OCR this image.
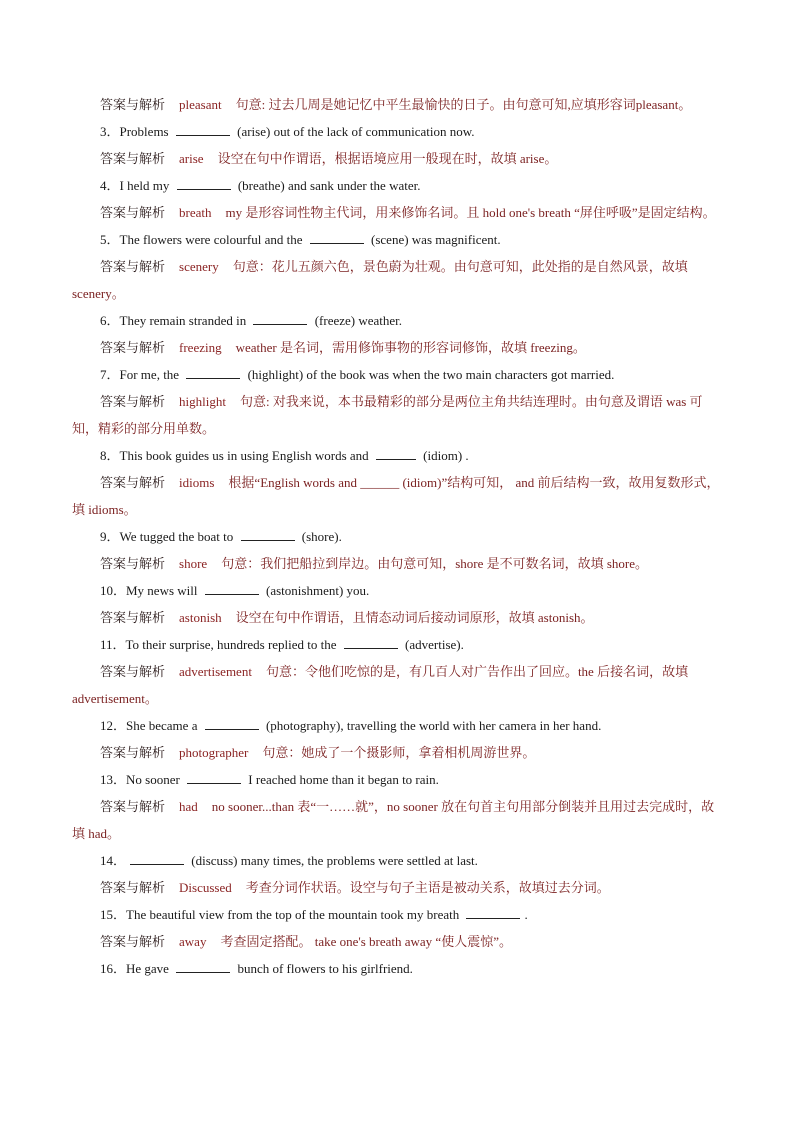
答案与解析 pleasant 句意: 过去几周是她记忆中平生最愉快的日子。由句意可知,应填形容词pleasant。
3．Problems	(arise) out of the lack of communication now.
答案与解析 arise 设空在句中作谓语，根据语境应用一般现在时，故填 arise。
4．I held my	(breathe) and sank under the water.
答案与解析 breath my 是形容词性物主代词，用来修饰名词。且 hold one's breath “屏住呼吸”是固定结构。
5．The flowers were colourful and the	(scene) was magnificent.
答案与解析 scenery 句意：花儿五颜六色，景色蔚为壮观。由句意可知，此处指的是自然风景，故填 scenery。
6．They remain stranded in	(freeze) weather.
答案与解析 freezing weather 是名词，需用修饰事物的形容词修饰，故填 freezing。
7．For me, the	(highlight) of the book was when the two main characters got married.
答案与解析 highlight 句意: 对我来说，本书最精彩的部分是两位主角共结连理时。由句意及谓语 was 可知，精彩的部分用单数。
8．This book guides us in using English words and	(idiom) .
答案与解析 idioms 根据“English words and ______ (idiom)”结构可知， and 前后结构一致，故用复数形式，填 idioms。
9．We tugged the boat to	(shore).
答案与解析 shore 句意：我们把船拉到岸边。由句意可知，shore 是不可数名词，故填 shore。
10．My news will	(astonishment) you.
答案与解析 astonish 设空在句中作谓语，且情态动词后接动词原形，故填 astonish。
11．To their surprise, hundreds replied to the	(advertise).
答案与解析 advertisement 句意：令他们吃惊的是，有几百人对广告作出了回应。the 后接名词，故填 advertisement。
12．She became a	(photography), travelling the world with her camera in her hand.
答案与解析 photographer 句意：她成了一个摄影师，拿着相机周游世界。
13．No sooner	I reached home than it began to rain.
答案与解析 had no sooner...than 表“一……就”，no sooner 放在句首主句用部分倒装并且用过去完成时，故填 had。
14．	(discuss) many times, the problems were settled at last.
答案与解析 Discussed 考查分词作状语。设空与句子主语是被动关系，故填过去分词。
15．The beautiful view from the top of the mountain took my breath	.
答案与解析 away 考查固定搭配。 take one's breath away “使人震惊”。
16．He gave	bunch of flowers to his girlfriend.
